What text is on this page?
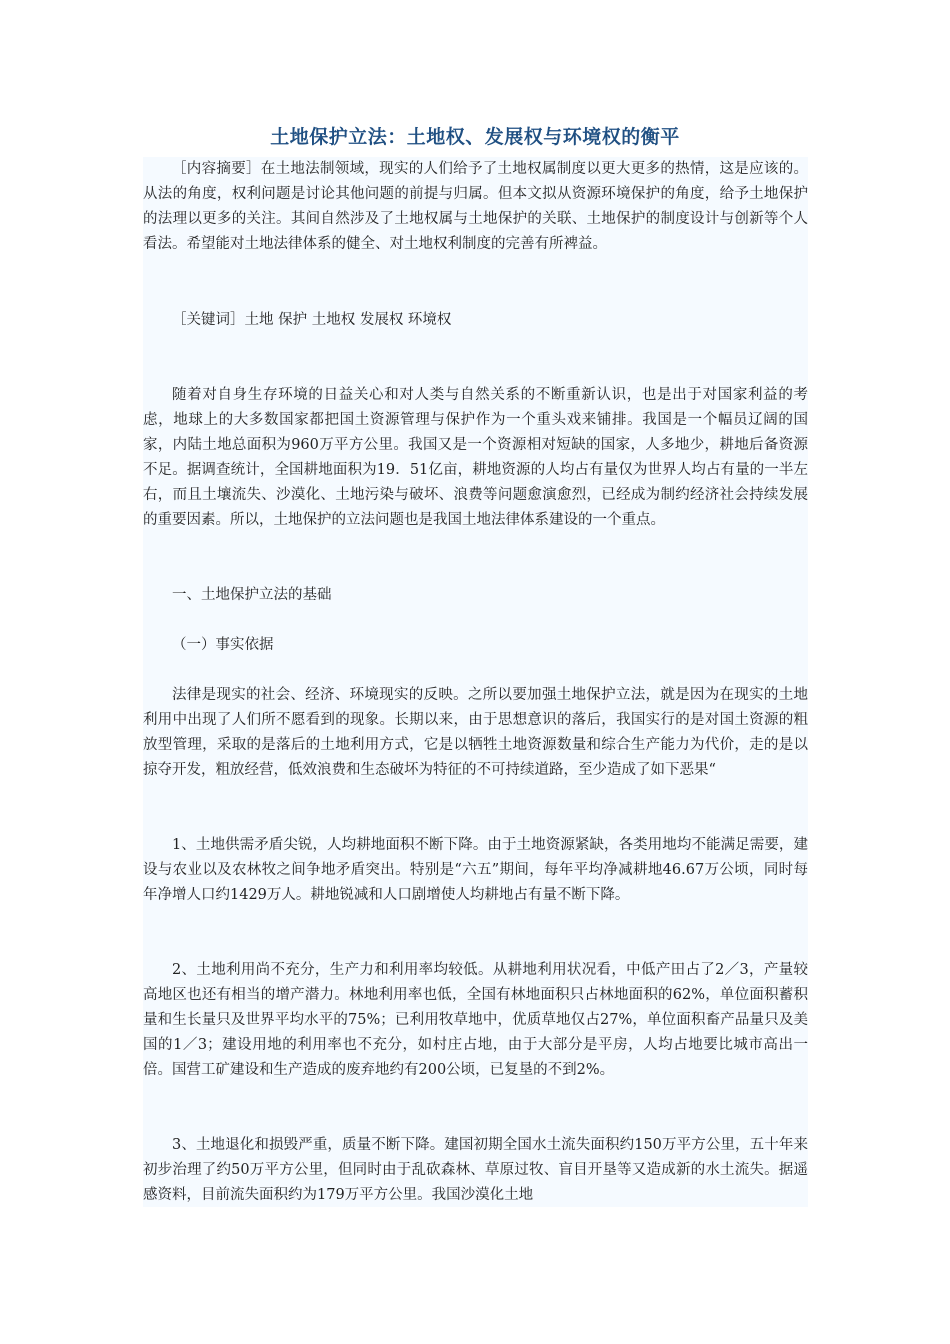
土地保护立法：土地权、发展权与环境权的衡平

［内容摘要］在土地法制领域，现实的人们给予了土地权属制度以更大更多的热情，这是应该的。从法的角度，权利问题是讨论其他问题的前提与归属。但本文拟从资源环境保护的角度，给予土地保护的法理以更多的关注。其间自然涉及了土地权属与土地保护的关联、土地保护的制度设计与创新等个人看法。希望能对土地法律体系的健全、对土地权利制度的完善有所裨益。

［关键词］土地 保护 土地权 发展权 环境权

随着对自身生存环境的日益关心和对人类与自然关系的不断重新认识，也是出于对国家利益的考虑，地球上的大多数国家都把国土资源管理与保护作为一个重头戏来铺排。我国是一个幅员辽阔的国家，内陆土地总面积为960万平方公里。我国又是一个资源相对短缺的国家，人多地少，耕地后备资源不足。据调查统计，全国耕地面积为19．51亿亩，耕地资源的人均占有量仅为世界人均占有量的一半左右，而且土壤流失、沙漠化、土地污染与破坏、浪费等问题愈演愈烈，已经成为制约经济社会持续发展的重要因素。所以，土地保护的立法问题也是我国土地法律体系建设的一个重点。

一、土地保护立法的基础

（一）事实依据

法律是现实的社会、经济、环境现实的反映。之所以要加强土地保护立法，就是因为在现实的土地利用中出现了人们所不愿看到的现象。长期以来，由于思想意识的落后，我国实行的是对国土资源的粗放型管理，采取的是落后的土地利用方式，它是以牺牲土地资源数量和综合生产能力为代价，走的是以掠夺开发，粗放经营，低效浪费和生态破坏为特征的不可持续道路，至少造成了如下恶果“

1、土地供需矛盾尖锐，人均耕地面积不断下降。由于土地资源紧缺，各类用地均不能满足需要，建设与农业以及农林牧之间争地矛盾突出。特别是“六五”期间，每年平均净减耕地46.67万公顷，同时每年净增人口约1429万人。耕地锐减和人口剧增使人均耕地占有量不断下降。

2、土地利用尚不充分，生产力和利用率均较低。从耕地利用状况看，中低产田占了2／3，产量较高地区也还有相当的增产潜力。林地利用率也低，全国有林地面积只占林地面积的62%，单位面积蓄积量和生长量只及世界平均水平的75%；已利用牧草地中，优质草地仅占27%，单位面积畜产品量只及美国的1／3；建设用地的利用率也不充分，如村庄占地，由于大部分是平房，人均占地要比城市高出一倍。国营工矿建设和生产造成的废弃地约有200公顷，已复垦的不到2%。

3、土地退化和损毁严重，质量不断下降。建国初期全国水土流失面积约150万平方公里，五十年来初步治理了约50万平方公里，但同时由于乱砍森林、草原过牧、盲目开垦等又造成新的水土流失。据遥感资料，目前流失面积约为179万平方公里。我国沙漠化土地
